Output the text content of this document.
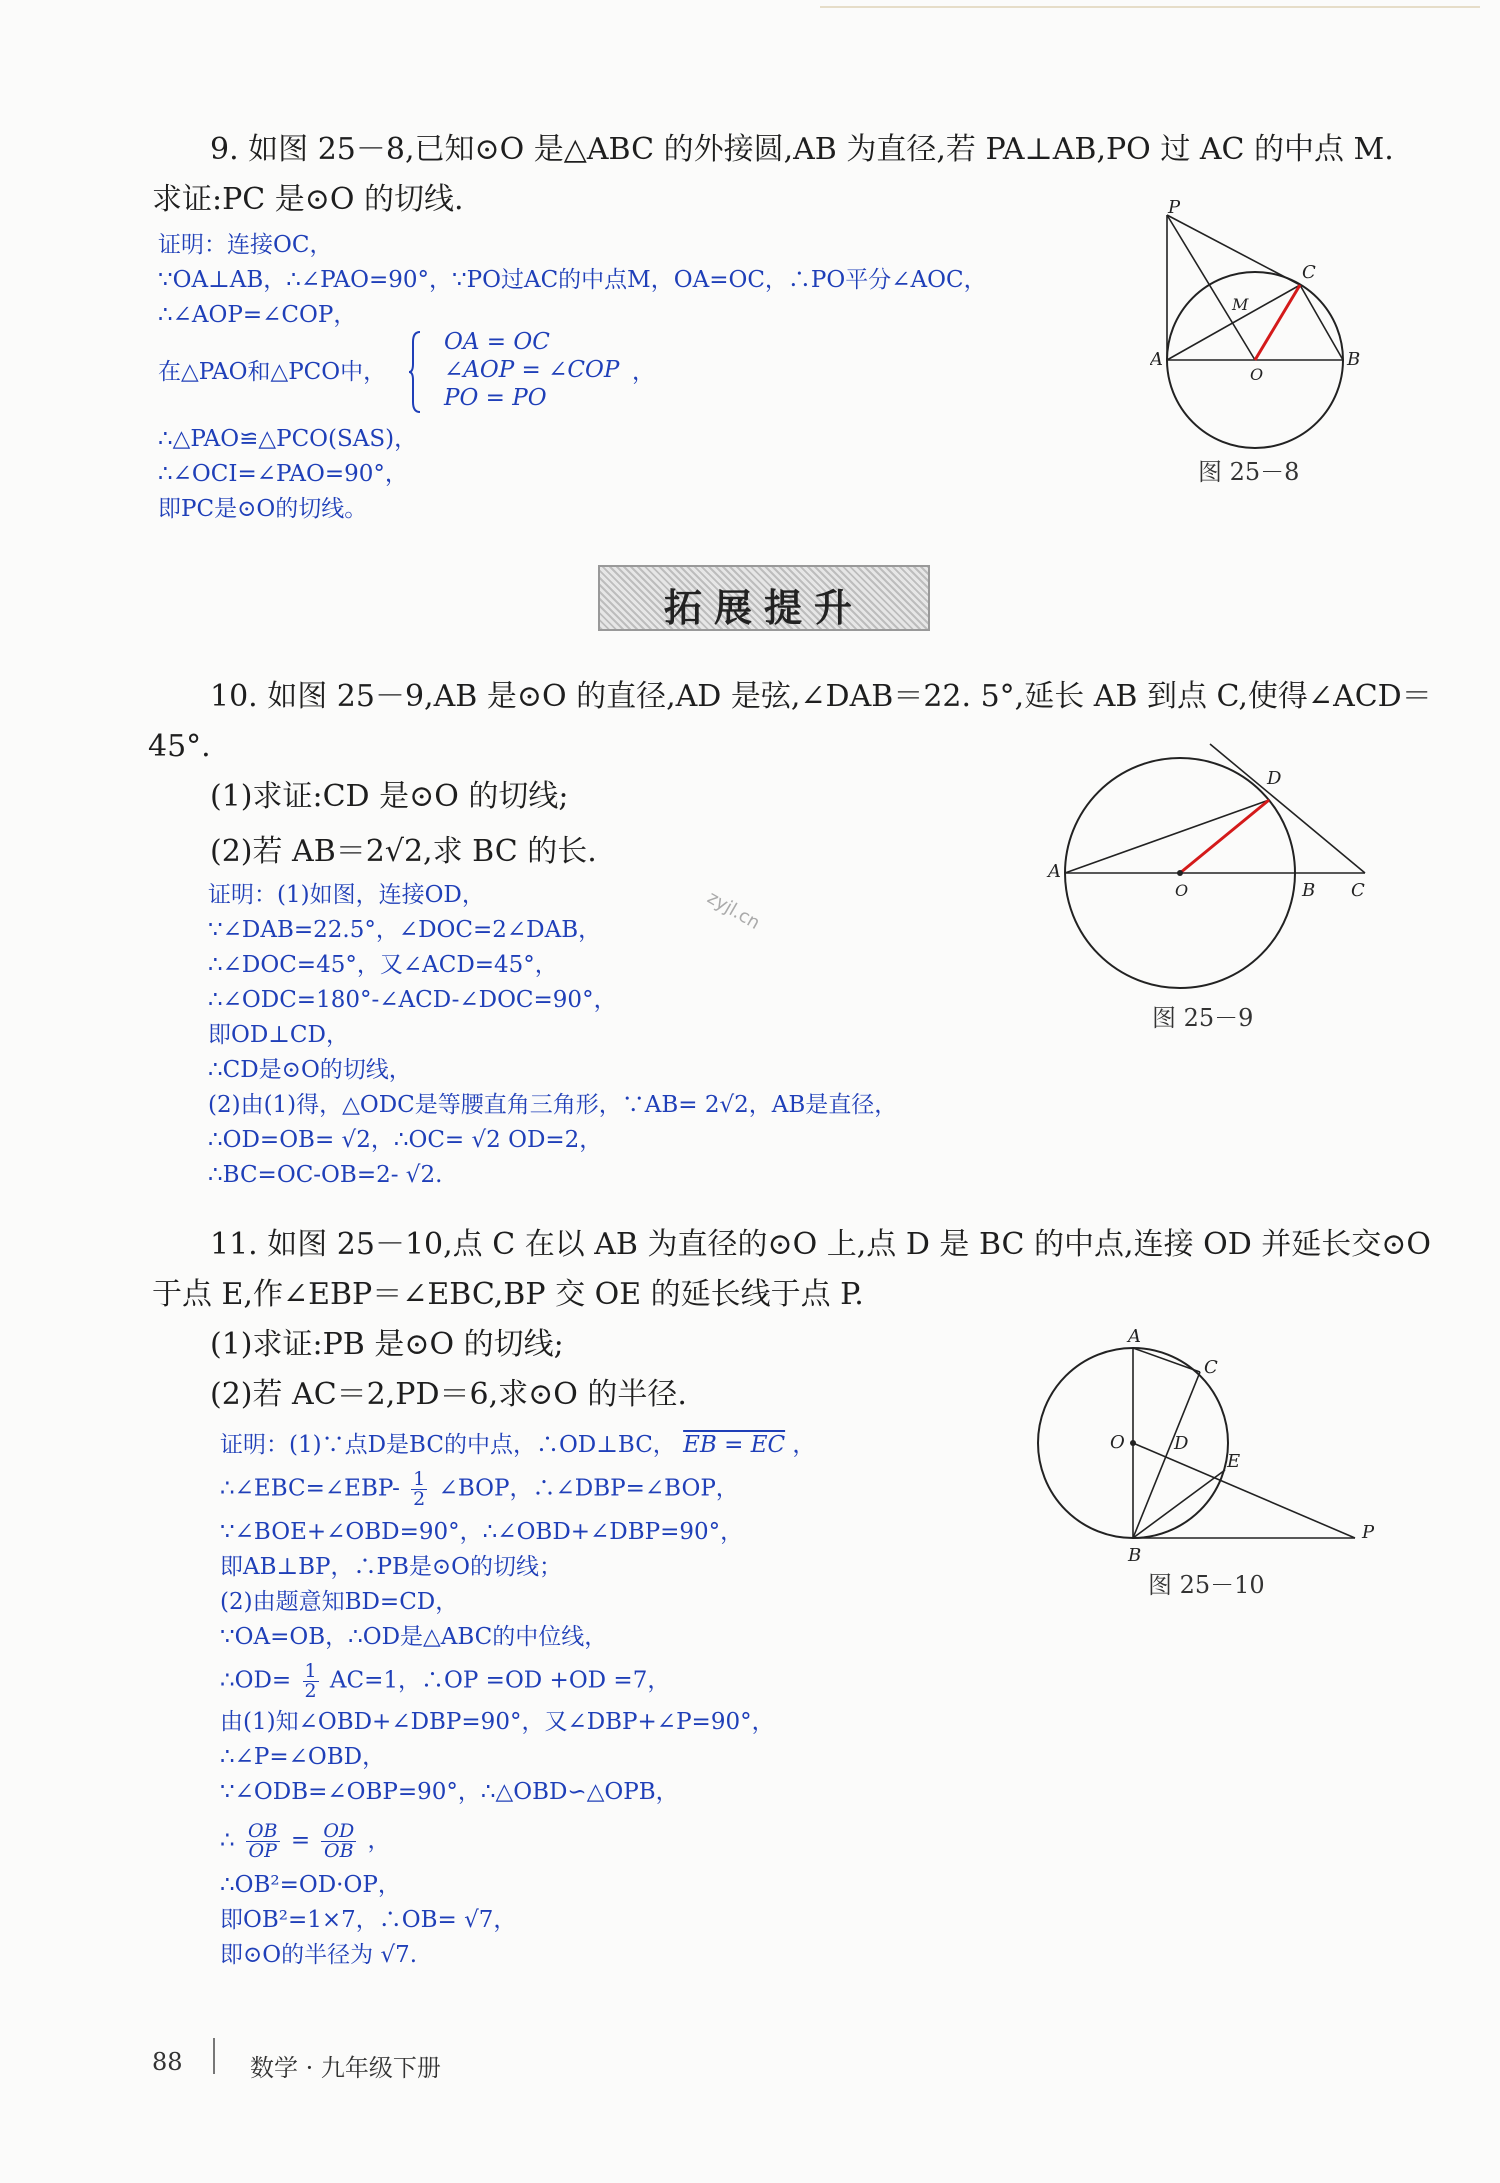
9. 如图 25－8,已知⊙O 是△ABC 的外接圆,AB 为直径,若 PA⊥AB,PO 过 AC 的中点 M.
求证:PC 是⊙O 的切线.
证明：连接OC，
∵OA⊥AB，∴∠PAO=90°，∵PO过AC的中点M，OA=OC，∴PO平分∠AOC，
∴∠AOP=∠COP，
在△PAO和△PCO中，
OA = OC
∠AOP = ∠COP
PO = PO
，
∴△PAO≌△PCO(SAS)，
∴∠OCI=∠PAO=90°，
即PC是⊙O的切线。
P
C
M
A
O
B
图 25－8
拓展提升
10. 如图 25－9,AB 是⊙O 的直径,AD 是弦,∠DAB＝22. 5°,延长 AB 到点 C,使得∠ACD＝
45°.
(1)求证:CD 是⊙O 的切线;
(2)若 AB＝2√2,求 BC 的长.
证明：(1)如图，连接OD，
∵∠DAB=22.5°，∠DOC=2∠DAB，
∴∠DOC=45°，又∠ACD=45°，
∴∠ODC=180°-∠ACD-∠DOC=90°，
即OD⊥CD，
∴CD是⊙O的切线，
(2)由(1)得，△ODC是等腰直角三角形，∵AB= 2√2，AB是直径，
∴OD=OB= √2，∴OC= √2 OD=2，
∴BC=OC-OB=2- √2.
zyjl.cn
D
A
O	B C
图 25－9
11. 如图 25－10,点 C 在以 AB 为直径的⊙O 上,点 D 是 BC 的中点,连接 OD 并延长交⊙O
于点 E,作∠EBP＝∠EBC,BP 交 OE 的延长线于点 P.
(1)求证:PB 是⊙O 的切线;
(2)若 AC＝2,PD＝6,求⊙O 的半径.
证明：(1)∵点D是BC的中点，∴OD⊥BC， EB = EC ，
∴∠EBC=∠EBP- $\frac{1}{2}$ ∠BOP，∴∠DBP=∠BOP，
∵∠BOE+∠OBD=90°，∴∠OBD+∠DBP=90°，
即AB⊥BP，∴PB是⊙O的切线；
(2)由题意知BD=CD，
∵OA=OB，∴OD是△ABC的中位线，
∴OD= $\frac{1}{2} AC=1$，∴OP =OD +OD =7，
由(1)知∠OBD+∠DBP=90°，又∠DBP+∠P=90°，
∴∠P=∠OBD，
∵∠ODB=∠OBP=90°，∴△OBD∽△OPB，
∴ $\frac{OB}{OP} = \frac{OD}{OB}$ ，
∴OB²=OD·OP，
即OB²=1×7，∴OB= √7，
即⊙O的半径为 √7.
A
C
O	D
E
B
P
图 25－10
88	数学 · 九年级下册
